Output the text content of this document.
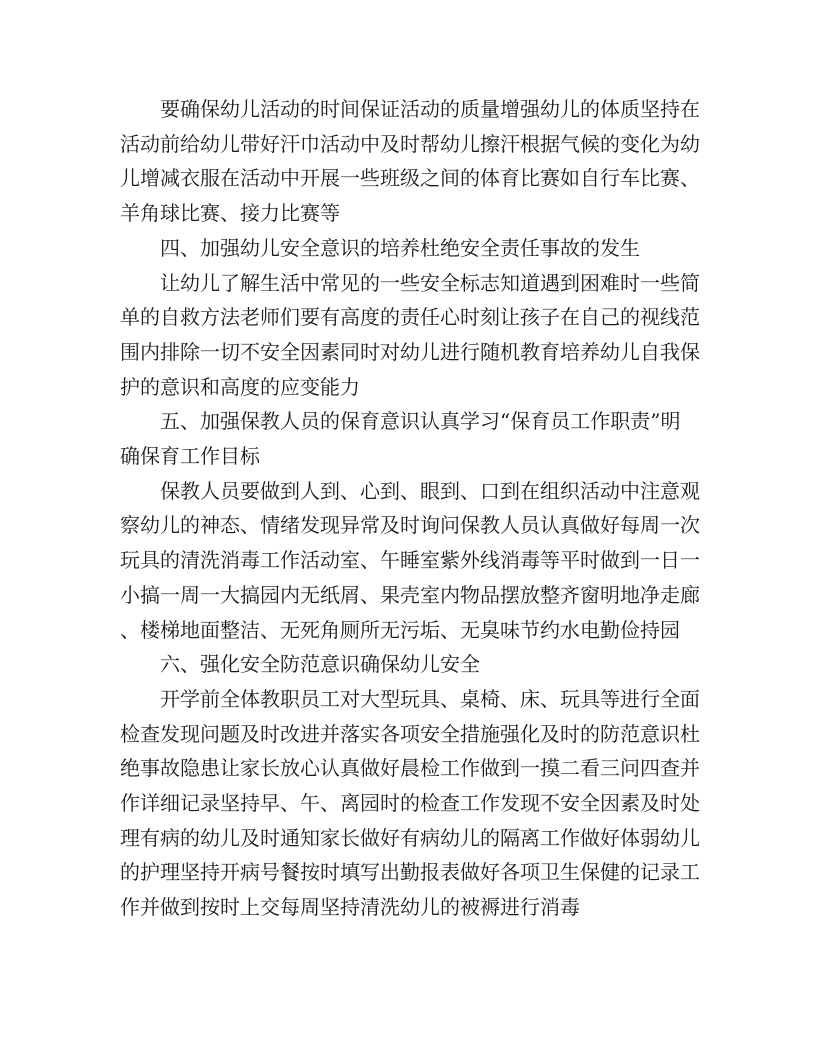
要确保幼儿活动的时间保证活动的质量增强幼儿的体质坚持在活动前给幼儿带好汗巾活动中及时帮幼儿擦汗根据气候的变化为幼儿增减衣服在活动中开展一些班级之间的体育比赛如自行车比赛、羊角球比赛、接力比赛等

四、加强幼儿安全意识的培养杜绝安全责任事故的发生

让幼儿了解生活中常见的一些安全标志知道遇到困难时一些简单的自救方法老师们要有高度的责任心时刻让孩子在自己的视线范围内排除一切不安全因素同时对幼儿进行随机教育培养幼儿自我保护的意识和高度的应变能力

五、加强保教人员的保育意识认真学习“保育员工作职责”明确保育工作目标

保教人员要做到人到、心到、眼到、口到在组织活动中注意观察幼儿的神态、情绪发现异常及时询问保教人员认真做好每周一次玩具的清洗消毒工作活动室、午睡室紫外线消毒等平时做到一日一小搞一周一大搞园内无纸屑、果壳室内物品摆放整齐窗明地净走廊、楼梯地面整洁、无死角厕所无污垢、无臭味节约水电勤俭持园

六、强化安全防范意识确保幼儿安全

开学前全体教职员工对大型玩具、桌椅、床、玩具等进行全面检查发现问题及时改进并落实各项安全措施强化及时的防范意识杜绝事故隐患让家长放心认真做好晨检工作做到一摸二看三问四查并作详细记录坚持早、午、离园时的检查工作发现不安全因素及时处理有病的幼儿及时通知家长做好有病幼儿的隔离工作做好体弱幼儿的护理坚持开病号餐按时填写出勤报表做好各项卫生保健的记录工作并做到按时上交每周坚持清洗幼儿的被褥进行消毒
